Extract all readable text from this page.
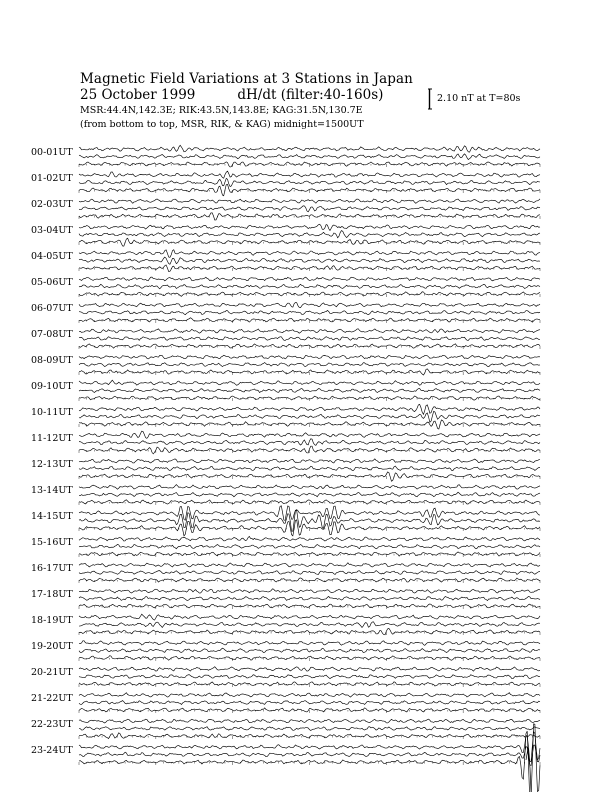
Magnetic Field Variations at 3 Stations in Japan
25 October 1999	dH/dt (filter:40-160s)
MSR:44.4N,142.3E; RIK:43.5N,143.8E; KAG:31.5N,130.7E
(from bottom to top, MSR, RIK, & KAG) midnight=1500UT
2.10 nT at T=80s
00-01UT
01-02UT
02-03UT
03-04UT
04-05UT
05-06UT
06-07UT
07-08UT
08-09UT
09-10UT
10-11UT
11-12UT
12-13UT
13-14UT
14-15UT
15-16UT
16-17UT
17-18UT
18-19UT
19-20UT
20-21UT
21-22UT
22-23UT
23-24UT
